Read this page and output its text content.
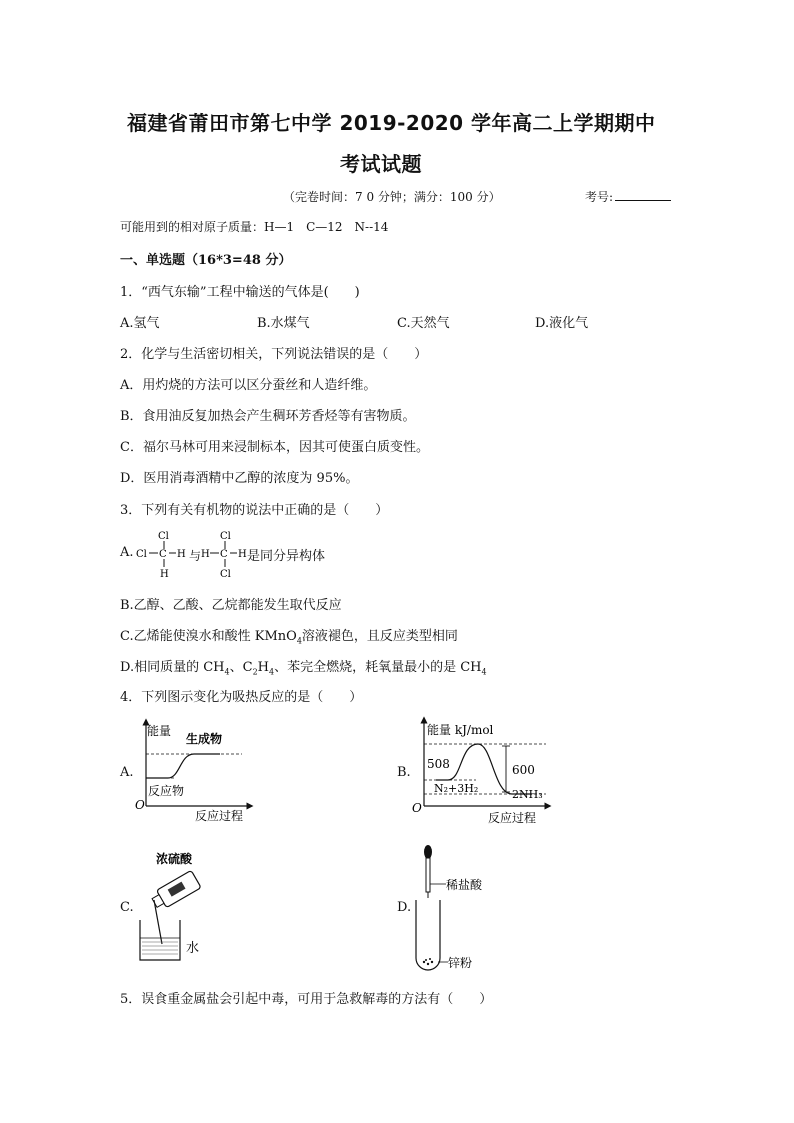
福建省莆田市第七中学 2019-2020 学年高二上学期期中
考试试题
（完卷时间：7 0 分钟；满分：100 分）	考号:
可能用到的相对原子质量：H—1　C—12　N--14
一、单选题（16*3=48 分）
1．“西气东输”工程中输送的气体是(　　)
A.氢气	B.水煤气	C.天然气	D.液化气
2．化学与生活密切相关，下列说法错误的是（　　）
A．用灼烧的方法可以区分蚕丝和人造纤维。
B．食用油反复加热会产生稠环芳香烃等有害物质。
C．福尔马林可用来浸制标本，因其可使蛋白质变性。
D．医用消毒酒精中乙醇的浓度为 95%。
3．下列有关有机物的说法中正确的是（　　）
A.
Cl
Cl C H
H
与
Cl
H C H
Cl
是同分异构体
B.乙醇、乙酸、乙烷都能发生取代反应
C.乙烯能使溴水和酸性 KMnO$_4$溶液褪色，且反应类型相同
D.相同质量的 $CH_4$、$C_2H_4$、苯完全燃烧，耗氧量最小的是 $CH_4$
4．下列图示变化为吸热反应的是（　　）
A.
能量
生成物
反应物
O
反应过程
B.
能量 kJ/mol
508	600
N₂+3H₂	2NH₃
O
反应过程
C.
浓硫酸
水
D.
稀盐酸
锌粉
5．误食重金属盐会引起中毒，可用于急救解毒的方法有（　　）
